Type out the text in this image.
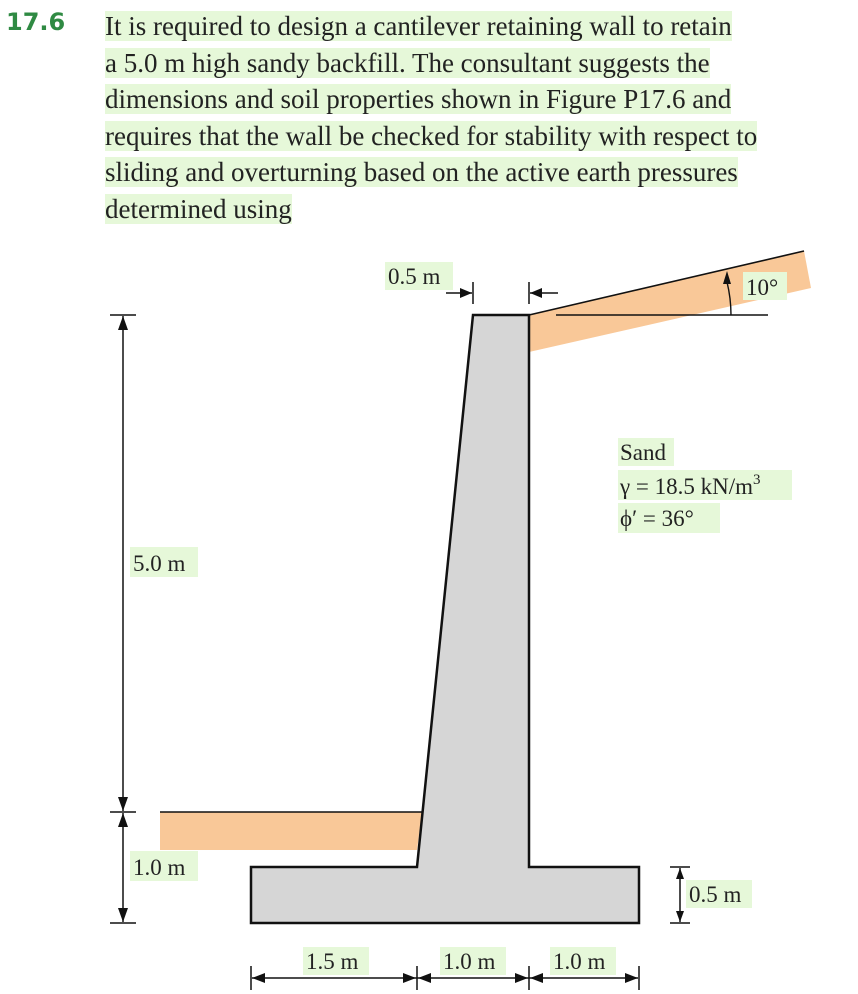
17.6 It is required to design a cantilever retaining wall to retain
a 5.0 m high sandy backfill. The consultant suggests the
dimensions and soil properties shown in Figure P17.6 and
requires that the wall be checked for stability with respect to
sliding and overturning based on the active earth pressures
determined using
10°
0.5 m
5.0 m
1.0 m
0.5 m
1.5 m	1.0 m	1.0 m
Sand
γ = 18.5 $kN/m^3$
ϕ′ = 36°
